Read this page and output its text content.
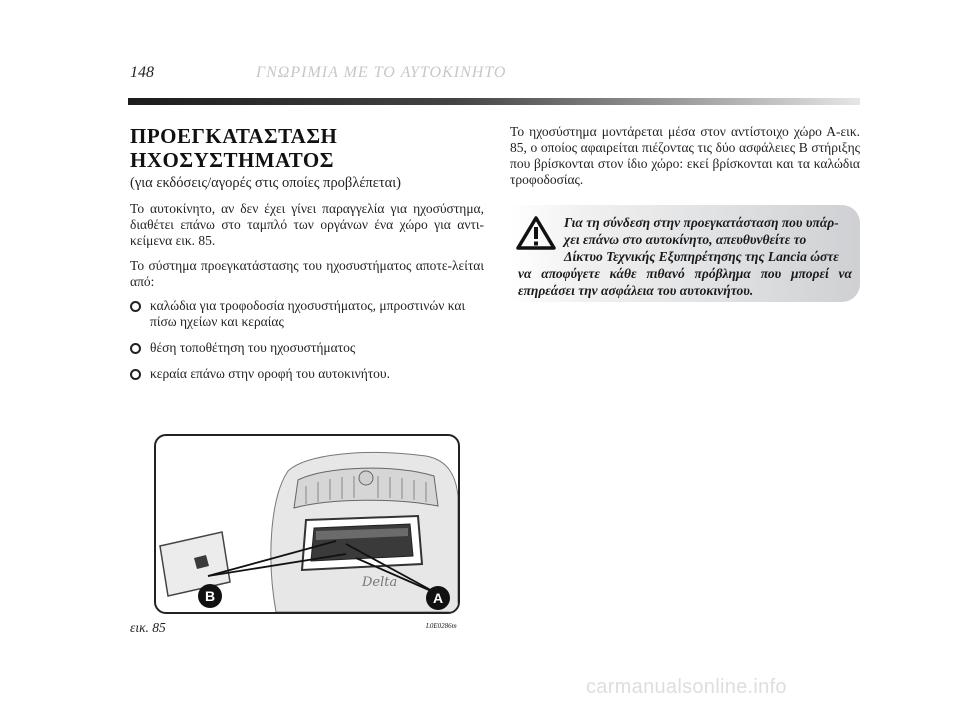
148	ΓΝΩΡΙΜΙΑ ΜΕ ΤΟ ΑΥΤΟΚΙΝΗΤΟ
ΠΡΟΕΓΚΑΤΑΣΤΑΣΗ
ΗΧΟΣΥΣΤΗΜΑΤΟΣ
(για εκδόσεις/αγορές στις οποίες προβλέπεται)

Το αυτοκίνητο, αν δεν έχει γίνει παραγγελία για ηχοσύστημα, διαθέτει επάνω στο ταμπλό των οργάνων ένα χώρο για αντι-κείμενα εικ. 85.

Το σύστημα προεγκατάστασης του ηχοσυστήματος αποτε-λείται από:

καλώδια για τροφοδοσία ηχοσυστήματος, μπροστινών και πίσω ηχείων και κεραίας
θέση τοποθέτηση του ηχοσυστήματος
κεραία επάνω στην οροφή του αυτοκινήτου.

Το ηχοσύστημα μοντάρεται μέσα στον αντίστοιχο χώρο Α-εικ. 85, ο οποίος αφαιρείται πιέζοντας τις δύο ασφάλειες Β στήριξης που βρίσκονται στον ίδιο χώρο: εκεί βρίσκονται και τα καλώδια τροφοδοσίας.

Για τη σύνδεση στην προεγκατάσταση που υπάρ-
χει επάνω στο αυτοκίνητο, απευθυνθείτε το
Δίκτυο Τεχνικής Εξυπηρέτησης της Lancia ώστε
να αποφύγετε κάθε πιθανό πρόβλημα που μπορεί να επηρεάσει την ασφάλεια του αυτοκινήτου.
Delta
B	A
εικ. 85	L0E0286m
carmanualsonline.info
